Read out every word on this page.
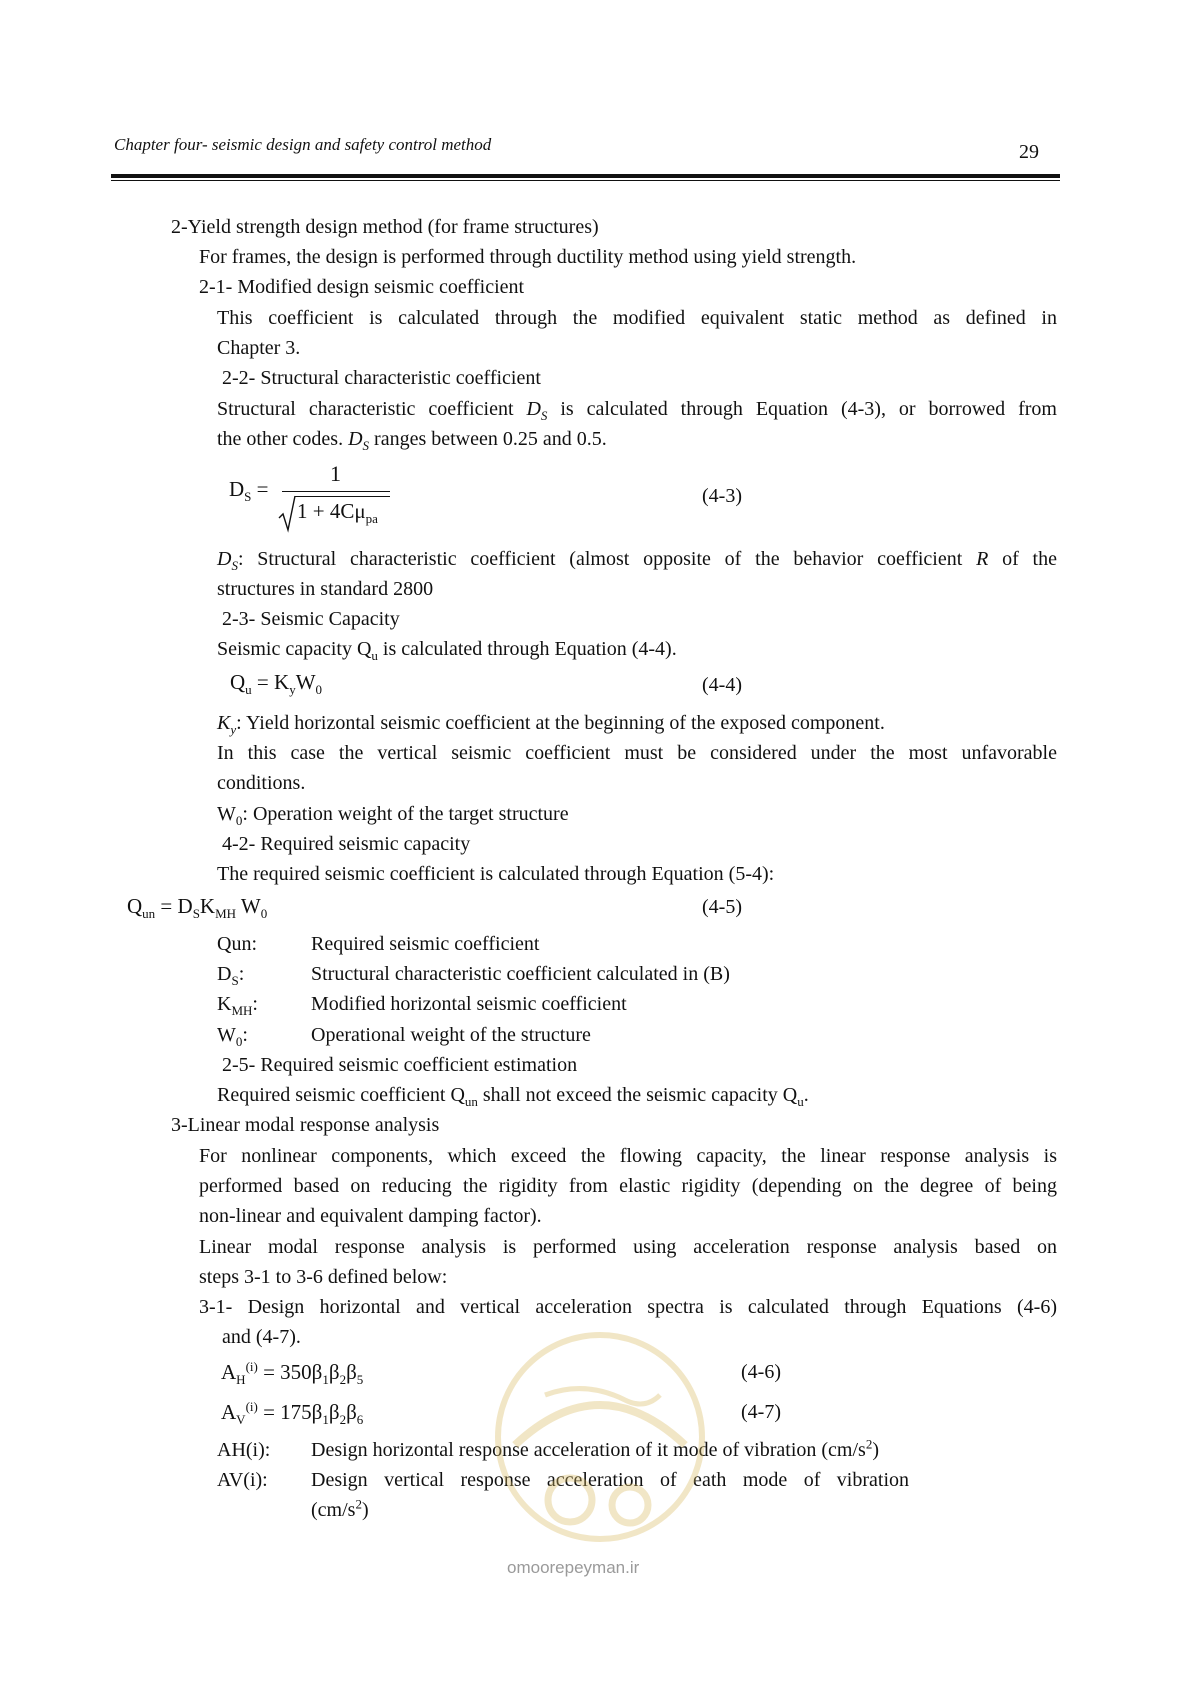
Chapter four- seismic design and safety control method	29
2-Yield strength design method (for frame structures)
For frames, the design is performed through ductility method using yield strength.
2-1- Modified design seismic coefficient
This coefficient is calculated through the modified equivalent static method as defined in
Chapter 3.
2-2- Structural characteristic coefficient
Structural characteristic coefficient $D_S$ is calculated through Equation (4-3), or borrowed from
the other codes. $D_S$ ranges between 0.25 and 0.5.
$D_S$ =
1
$1 + 4C\mu_{pa}$
(4-3)
$D_S$: Structural characteristic coefficient (almost opposite of the behavior coefficient R of the
structures in standard 2800
2-3- Seismic Capacity
Seismic capacity $Q_u$ is calculated through Equation (4-4).
$Q_u = K_yW_0$	(4-4)
$K_y$: Yield horizontal seismic coefficient at the beginning of the exposed component.
In this case the vertical seismic coefficient must be considered under the most unfavorable
conditions.
$W_0$: Operation weight of the target structure
4-2- Required seismic capacity
The required seismic coefficient is calculated through Equation (5-4):
$Q_{un} = D_SK_{MH}$ $W_0$	(4-5)
Qun:	Required seismic coefficient
$D_S$:	Structural characteristic coefficient calculated in (B)
$K_{MH}$:	Modified horizontal seismic coefficient
$W_0$:	Operational weight of the structure
2-5- Required seismic coefficient estimation
Required seismic coefficient $Q_{un}$ shall not exceed the seismic capacity $Q_u$.
3-Linear modal response analysis
For nonlinear components, which exceed the flowing capacity, the linear response analysis is
performed based on reducing the rigidity from elastic rigidity (depending on the degree of being
non-linear and equivalent damping factor).
Linear modal response analysis is performed using acceleration response analysis based on
steps 3-1 to 3-6 defined below:
3-1- Design horizontal and vertical acceleration spectra is calculated through Equations (4-6)
and (4-7).
$A_H^{(i)} = 350\beta_1\beta_2\beta_5$	(4-6)
$A_V^{(i)} = 175\beta_1\beta_2\beta_6$	(4-7)
AH(i): Design horizontal response acceleration of it mode of vibration $(cm/s^2)$
AV(i): Design vertical response acceleration of eath mode of vibration
$(cm/s^2)$
omoorepeyman.ir
